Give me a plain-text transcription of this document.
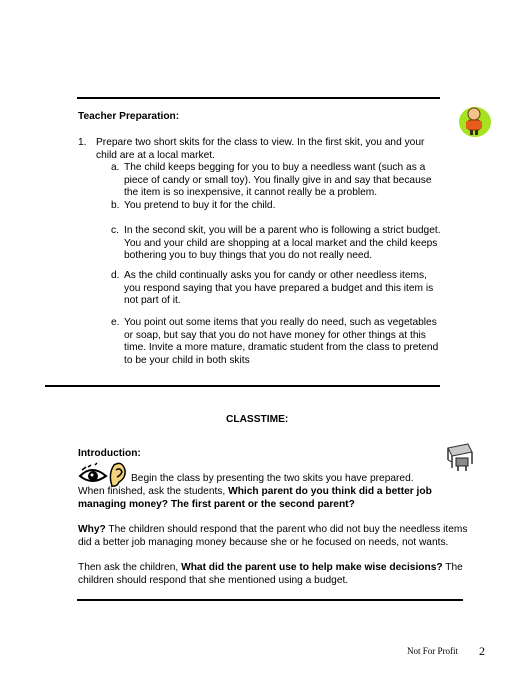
Teacher Preparation:
1. Prepare two short skits for the class to view. In the first skit, you and your child are at a local market.
a. The child keeps begging for you to buy a needless want (such as a piece of candy or small toy). You finally give in and say that because the item is so inexpensive, it cannot really be a problem.
b. You pretend to buy it for the child.
c. In the second skit, you will be a parent who is following a strict budget. You and your child are shopping at a local market and the child keeps bothering you to buy things that you do not really need.
d. As the child continually asks you for candy or other needless items, you respond saying that you have prepared a budget and this item is not part of it.
e. You point out some items that you really do need, such as vegetables or soap, but say that you do not have money for other things at this time. Invite a more mature, dramatic student from the class to pretend to be your child in both skits
CLASSTIME:
Introduction:
Begin the class by presenting the two skits you have prepared.
When finished, ask the students, Which parent do you think did a better job
managing money? The first parent or the second parent?
Why? The children should respond that the parent who did not buy the needless items
did a better job managing money because she or he focused on needs, not wants.
Then ask the children, What did the parent use to help make wise decisions? The
children should respond that she mentioned using a budget.
Not For Profit 2
